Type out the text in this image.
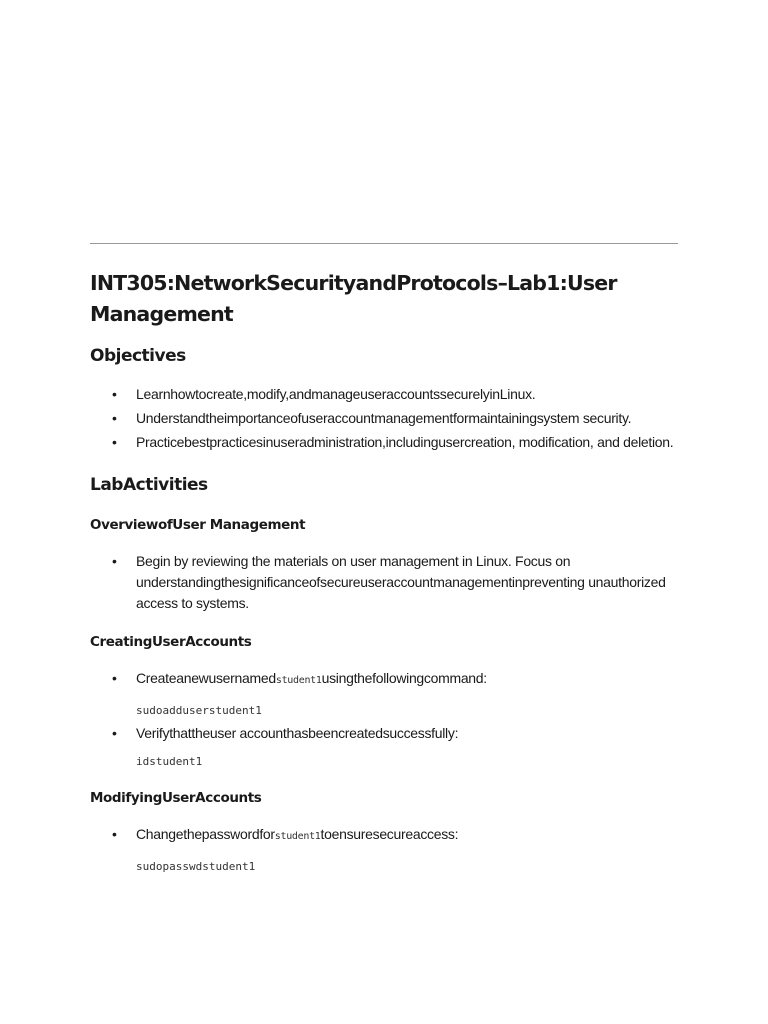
INT305:NetworkSecurityandProtocols–Lab1:User Management
Objectives
• Learnhowtocreate,modify,andmanageuseraccountssecurelyinLinux.
• Understandtheimportanceofuseraccountmanagementformaintainingsystem security.
• Practicebestpracticesinuseradministration,includingusercreation, modification, and deletion.
LabActivities
OverviewofUser Management
• Begin by reviewing the materials on user management in Linux. Focus on understandingthesignificanceofsecureuseraccountmanagementinpreventing unauthorized access to systems.
CreatingUserAccounts
• Createanewusernamedstudent1usingthefollowingcommand:
sudoadduserstudent1
• Verifythattheuser accounthasbeencreatedsuccessfully:
idstudent1
ModifyingUserAccounts
• Changethepasswordforstudent1toensuresecureaccess:
sudopasswdstudent1
